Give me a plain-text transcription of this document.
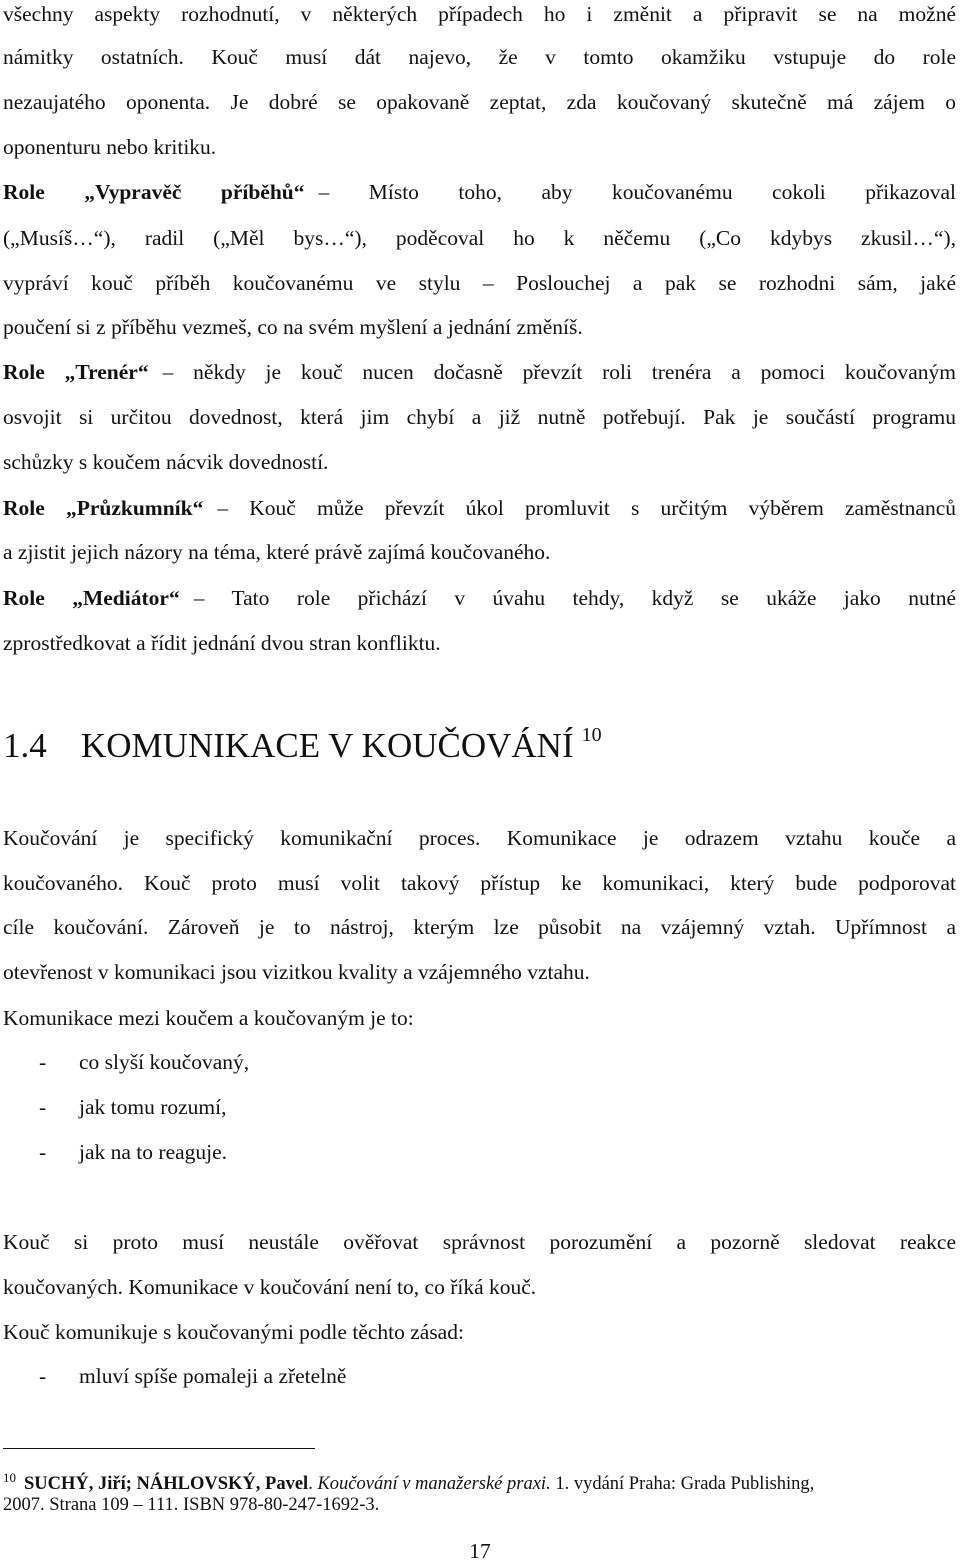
všechny aspekty rozhodnutí, v některých případech ho i změnit a připravit se na možné
námitky ostatních. Kouč musí dát najevo, že v tomto okamžiku vstupuje do role
nezaujatého oponenta. Je dobré se opakovaně zeptat, zda koučovaný skutečně má zájem o
oponenturu nebo kritiku.
Role „Vypravěč příběhů“ – Místo toho, aby koučovanému cokoli přikazoval
(„Musíš…“), radil („Měl bys…“), poděcoval ho k něčemu („Co kdybys zkusil…“),
vypráví kouč příběh koučovanému ve stylu – Poslouchej a pak se rozhodni sám, jaké
poučení si z příběhu vezmeš, co na svém myšlení a jednání změníš.
Role „Trenér“ – někdy je kouč nucen dočasně převzít roli trenéra a pomoci koučovaným
osvojit si určitou dovednost, která jim chybí a již nutně potřebují. Pak je součástí programu
schůzky s koučem nácvik dovedností.
Role „Průzkumník“ – Kouč může převzít úkol promluvit s určitým výběrem zaměstnanců
a zjistit jejich názory na téma, které právě zajímá koučovaného.
Role „Mediátor“ – Tato role přichází v úvahu tehdy, když se ukáže jako nutné
zprostředkovat a řídit jednání dvou stran konfliktu.
1.4 KOMUNIKACE V KOUČOVÁNÍ $^{10}$
Koučování je specifický komunikační proces. Komunikace je odrazem vztahu kouče a
koučovaného. Kouč proto musí volit takový přístup ke komunikaci, který bude podporovat
cíle koučování. Zároveň je to nástroj, kterým lze působit na vzájemný vztah. Upřímnost a
otevřenost v komunikaci jsou vizitkou kvality a vzájemného vztahu.
Komunikace mezi koučem a koučovaným je to:
- co slyší koučovaný,
- jak tomu rozumí,
- jak na to reaguje.
Kouč si proto musí neustále ověřovat správnost porozumění a pozorně sledovat reakce
koučovaných. Komunikace v koučování není to, co říká kouč.
Kouč komunikuje s koučovanými podle těchto zásad:
- mluví spíše pomaleji a zřetelně
$^{10}$ SUCHÝ, Jiří; NÁHLOVSKÝ, Pavel. Koučování v manažerské praxi. 1. vydání Praha: Grada Publishing,
2007. Strana 109 – 111. ISBN 978-80-247-1692-3.
17
